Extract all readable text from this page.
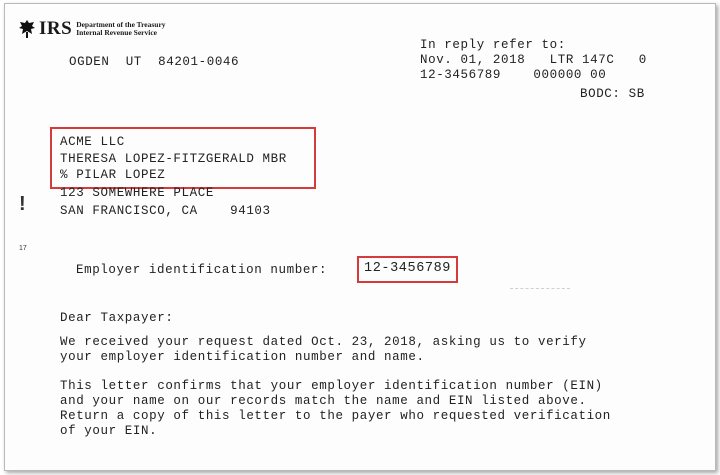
IRS Department of the Treasury
Internal Revenue Service
OGDEN  UT  84201-0046
In reply refer to:
Nov. 01, 2018   LTR 147C   0
12-3456789    000000 00
BODC: SB
ACME LLC
THERESA LOPEZ-FITZGERALD MBR
% PILAR LOPEZ
123 SOMEWHERE PLACE
SAN FRANCISCO, CA    94103
!
17
Employer identification number:	12-3456789
Dear Taxpayer:
We received your request dated Oct. 23, 2018, asking us to verify
your employer identification number and name.
This letter confirms that your employer identification number (EIN)
and your name on our records match the name and EIN listed above.
Return a copy of this letter to the payer who requested verification
of your EIN.
